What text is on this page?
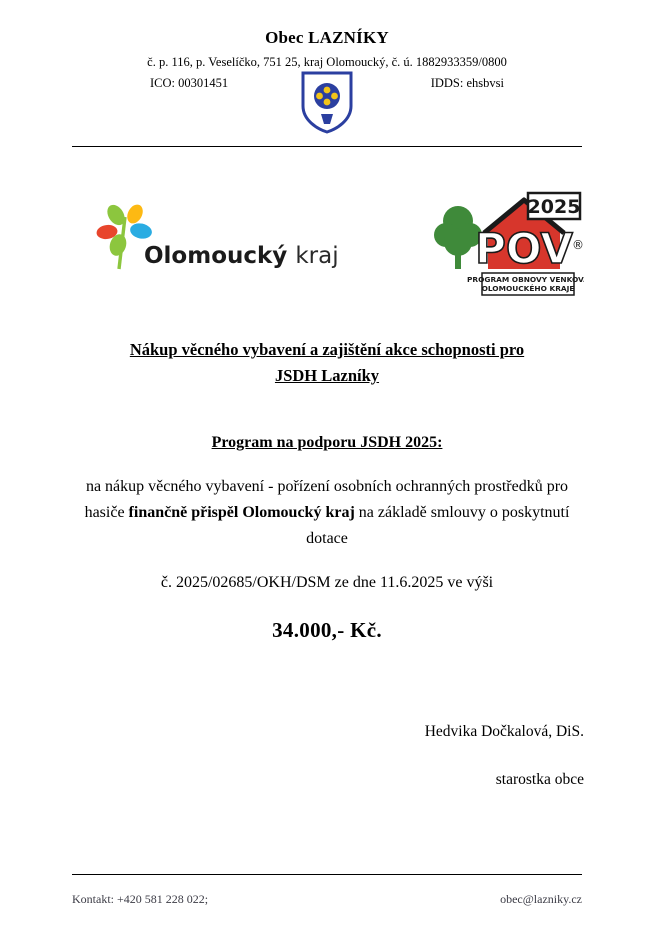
Obec LAZNÍKY
č. p. 116, p. Veselíčko, 751 25, kraj Olomoucký, č. ú. 1882933359/0800
ICO: 00301451	IDDS: ehsbvsi
Olomoucký kraj
2025
POV ®
PROGRAM OBNOVY VENKOVA
OLOMOUCKÉHO KRAJE
Nákup věcného vybavení a zajištění akce schopnosti pro
JSDH Lazníky
Program na podporu JSDH 2025:

na nákup věcného vybavení - pořízení osobních ochranných prostředků pro hasiče finančně přispěl Olomoucký kraj na základě smlouvy o poskytnutí dotace

č. 2025/02685/OKH/DSM ze dne 11.6.2025 ve výši
34.000,- Kč.
Hedvika Dočkalová, DiS.
starostka obce
Kontakt: +420 581 228 022;	obec@lazniky.cz
